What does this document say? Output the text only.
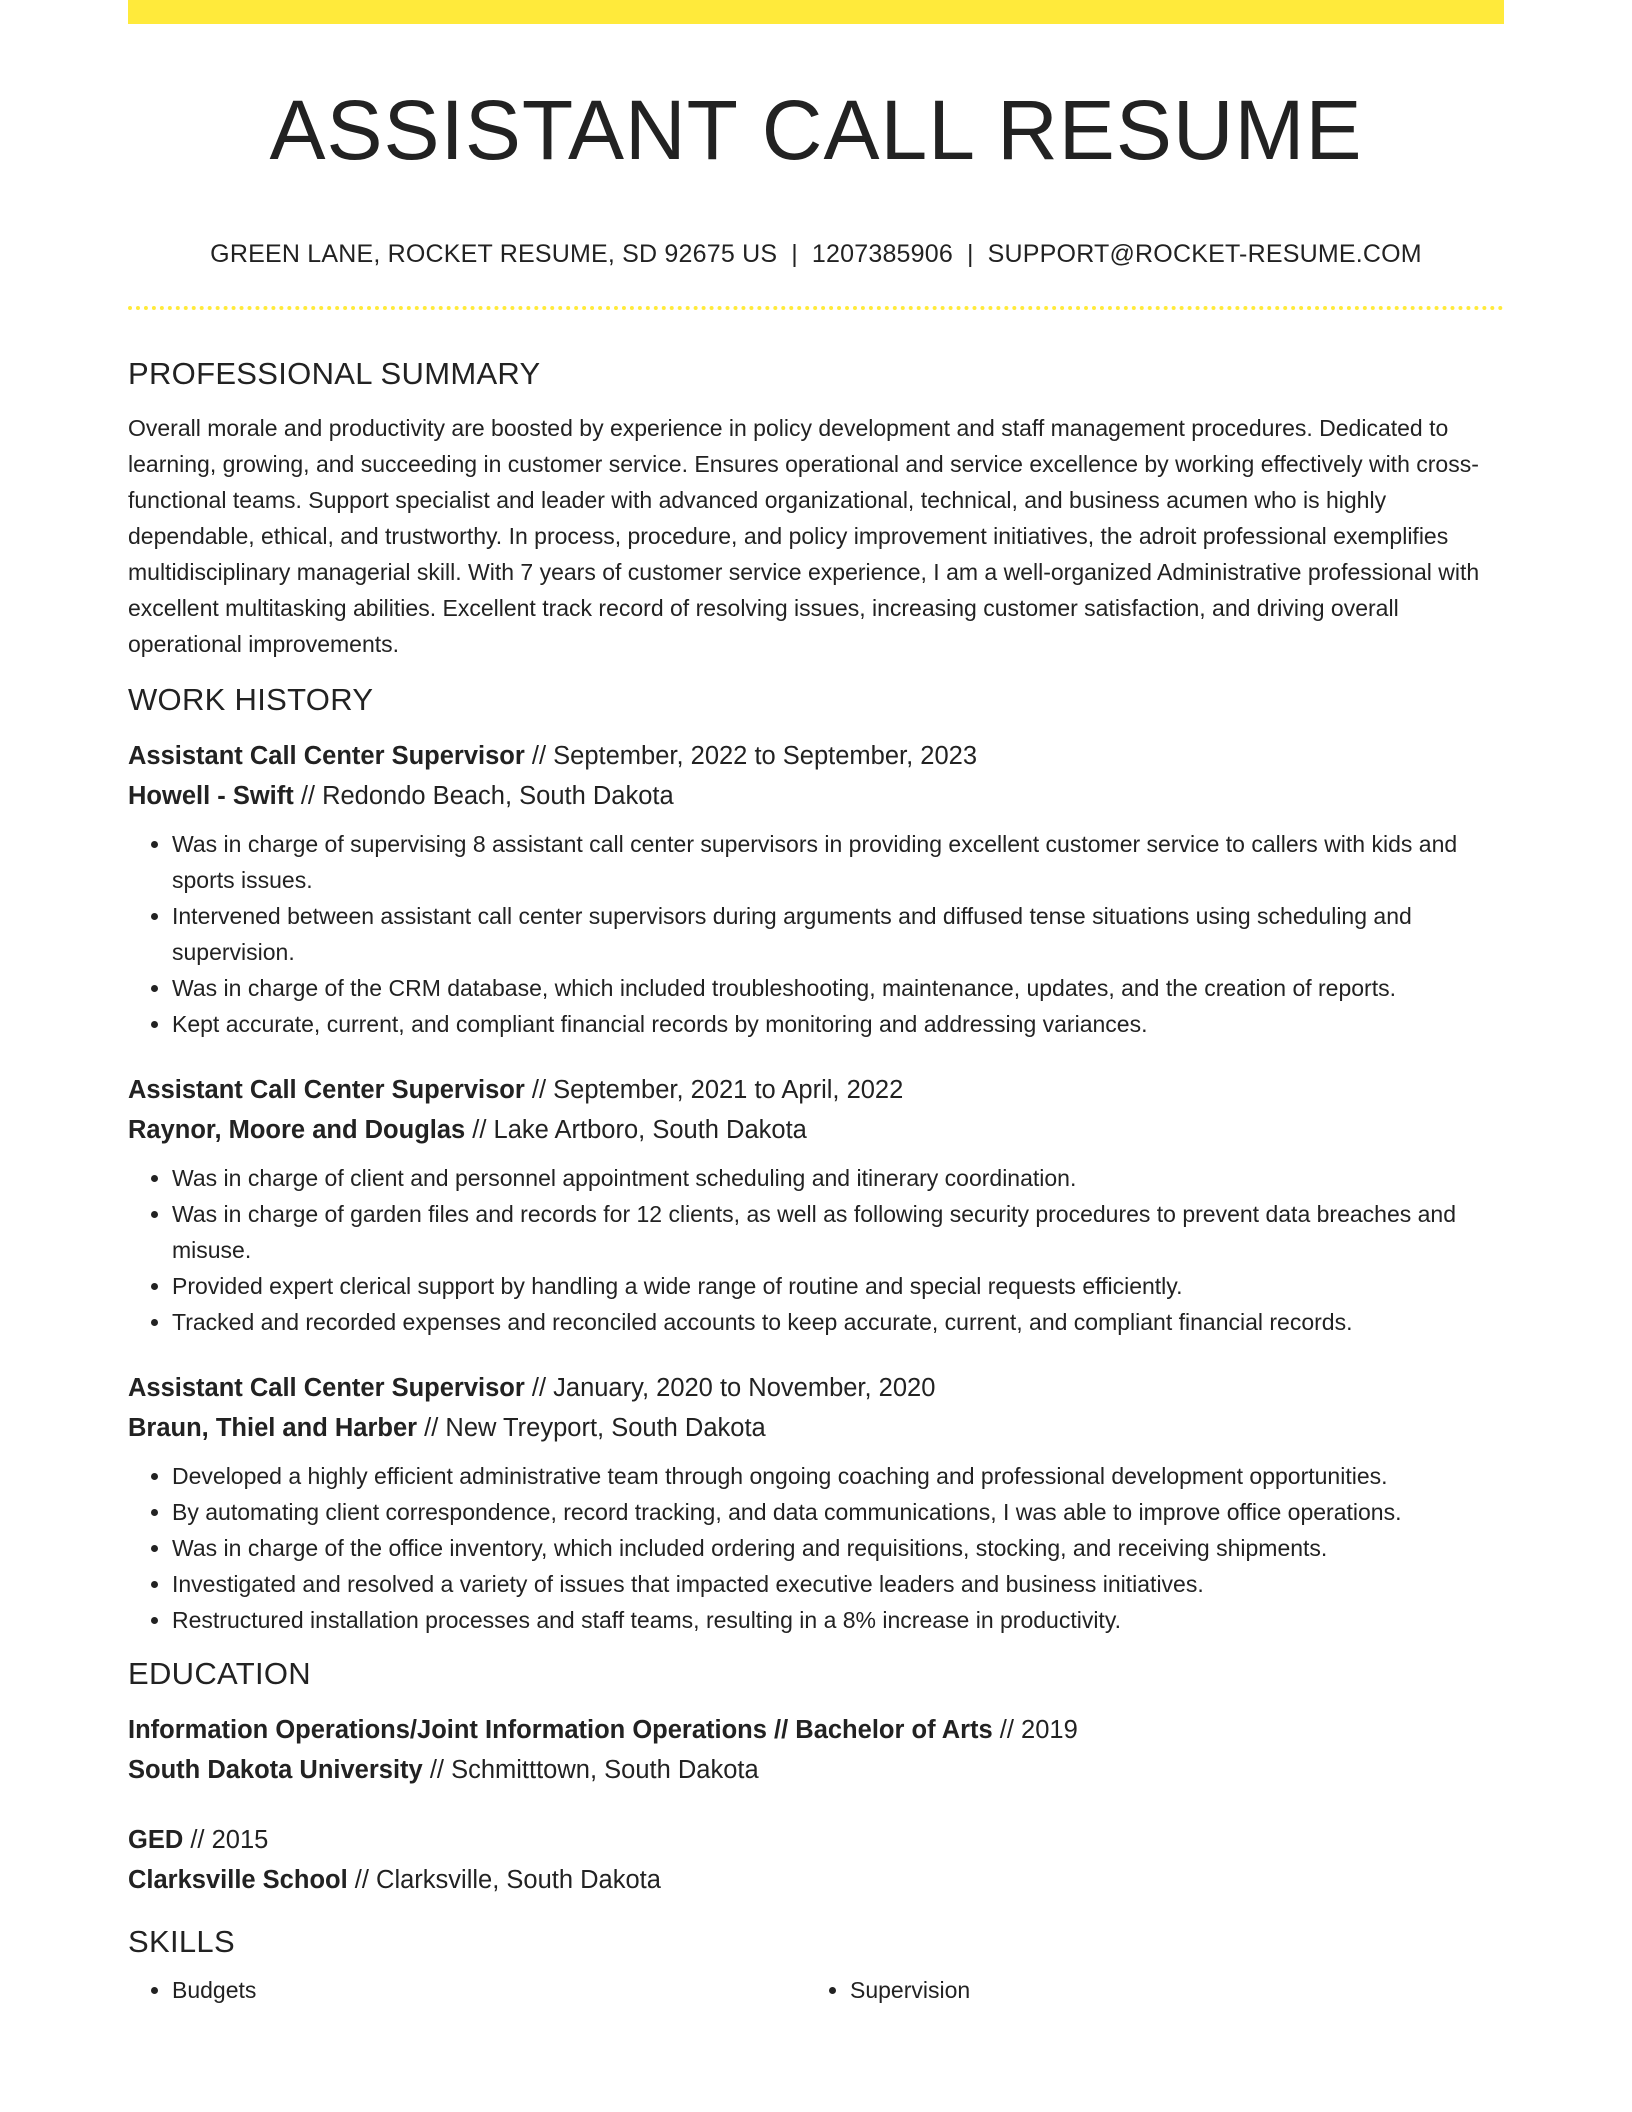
ASSISTANT CALL RESUME
GREEN LANE, ROCKET RESUME, SD 92675 US | 1207385906 | SUPPORT@ROCKET-RESUME.COM
PROFESSIONAL SUMMARY

Overall morale and productivity are boosted by experience in policy development and staff management procedures. Dedicated to learning, growing, and succeeding in customer service. Ensures operational and service excellence by working effectively with cross-functional teams. Support specialist and leader with advanced organizational, technical, and business acumen who is highly dependable, ethical, and trustworthy. In process, procedure, and policy improvement initiatives, the adroit professional exemplifies multidisciplinary managerial skill. With 7 years of customer service experience, I am a well-organized Administrative professional with excellent multitasking abilities. Excellent track record of resolving issues, increasing customer satisfaction, and driving overall operational improvements.

WORK HISTORY

Assistant Call Center Supervisor // September, 2022 to September, 2023

Howell - Swift // Redondo Beach, South Dakota

• Was in charge of supervising 8 assistant call center supervisors in providing excellent customer service to callers with kids and sports issues.
• Intervened between assistant call center supervisors during arguments and diffused tense situations using scheduling and supervision.
• Was in charge of the CRM database, which included troubleshooting, maintenance, updates, and the creation of reports.
• Kept accurate, current, and compliant financial records by monitoring and addressing variances.

Assistant Call Center Supervisor // September, 2021 to April, 2022

Raynor, Moore and Douglas // Lake Artboro, South Dakota

• Was in charge of client and personnel appointment scheduling and itinerary coordination.
• Was in charge of garden files and records for 12 clients, as well as following security procedures to prevent data breaches and misuse.
• Provided expert clerical support by handling a wide range of routine and special requests efficiently.
• Tracked and recorded expenses and reconciled accounts to keep accurate, current, and compliant financial records.

Assistant Call Center Supervisor // January, 2020 to November, 2020

Braun, Thiel and Harber // New Treyport, South Dakota

• Developed a highly efficient administrative team through ongoing coaching and professional development opportunities.
• By automating client correspondence, record tracking, and data communications, I was able to improve office operations.
• Was in charge of the office inventory, which included ordering and requisitions, stocking, and receiving shipments.
• Investigated and resolved a variety of issues that impacted executive leaders and business initiatives.
• Restructured installation processes and staff teams, resulting in a 8% increase in productivity.
EDUCATION

Information Operations/Joint Information Operations // Bachelor of Arts // 2019

South Dakota University // Schmitttown, South Dakota

GED // 2015

Clarksville School // Clarksville, South Dakota

SKILLS
• Budgets
•	Supervision
